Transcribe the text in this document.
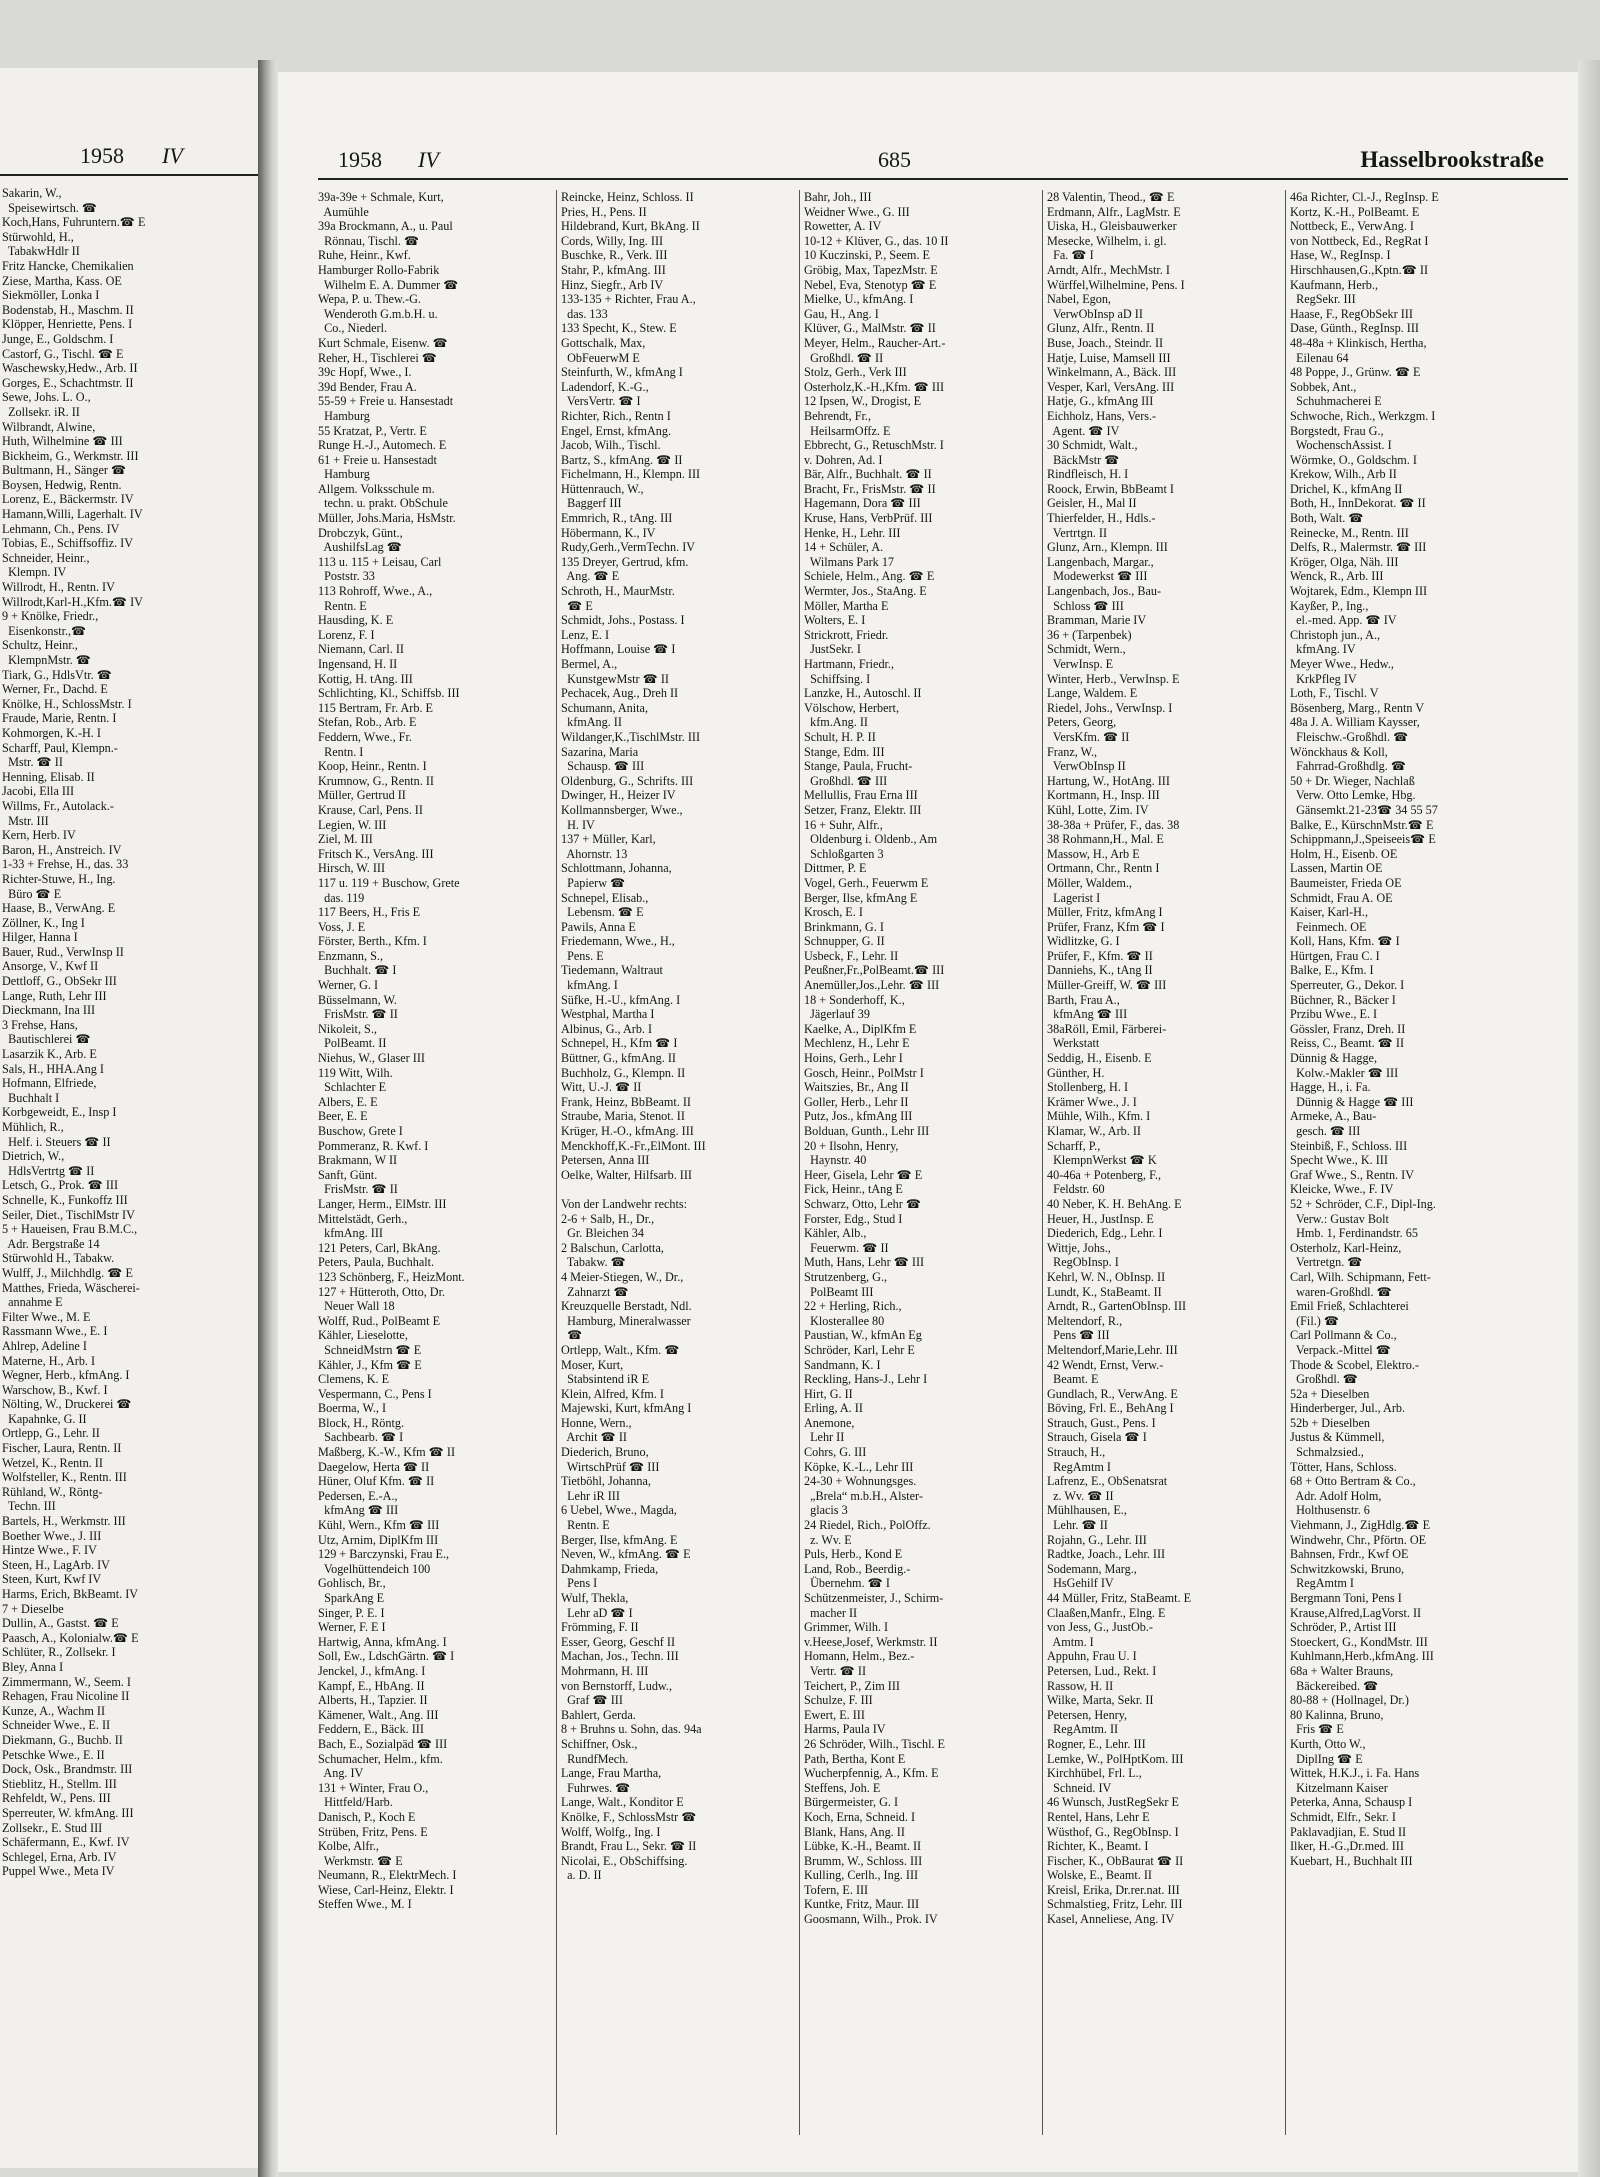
1958 IV
Sakarin, W.,
Speisewirtsch. ☎
Koch,Hans, Fuhruntern.☎ E
Stürwohld, H.,
TabakwHdlr II
Fritz Hancke, Chemikalien
Ziese, Martha, Kass. OE
Siekmöller, Lonka I
Bodenstab, H., Maschm. II
Klöpper, Henriette, Pens. I
Junge, E., Goldschm. I
Castorf, G., Tischl. ☎ E
Waschewsky,Hedw., Arb. II
Gorges, E., Schachtmstr. II
Sewe, Johs. L. O.,
Zollsekr. iR. II
Wilbrandt, Alwine,
Huth, Wilhelmine ☎ III
Bickheim, G., Werkmstr. III
Bultmann, H., Sänger ☎
Boysen, Hedwig, Rentn.
Lorenz, E., Bäckermstr. IV
Hamann,Willi, Lagerhalt. IV
Lehmann, Ch., Pens. IV
Tobias, E., Schiffsoffiz. IV
Schneider, Heinr.,
Klempn. IV
Willrodt, H., Rentn. IV
Willrodt,Karl-H.,Kfm.☎ IV
9 + Knölke, Friedr.,
Eisenkonstr.,☎
Schultz, Heinr.,
KlempnMstr. ☎
Tiark, G., HdlsVtr. ☎
Werner, Fr., Dachd. E
Knölke, H., SchlossMstr. I
Fraude, Marie, Rentn. I
Kohmorgen, K.-H. I
Scharff, Paul, Klempn.-
Mstr. ☎ II
Henning, Elisab. II
Jacobi, Ella III
Willms, Fr., Autolack.-
Mstr. III
Kern, Herb. IV
Baron, H., Anstreich. IV
1-33 + Frehse, H., das. 33
Richter-Stuwe, H., Ing.
Büro ☎ E
Haase, B., VerwAng. E
Zöllner, K., Ing I
Hilger, Hanna I
Bauer, Rud., VerwInsp II
Ansorge, V., Kwf II
Dettloff, G., ObSekr III
Lange, Ruth, Lehr III
Dieckmann, Ina III
3 Frehse, Hans,
Bautischlerei ☎
Lasarzik K., Arb. E
Sals, H., HHA.Ang I
Hofmann, Elfriede,
Buchhalt I
Korbgeweidt, E., Insp I
Mühlich, R.,
Helf. i. Steuers ☎ II
Dietrich, W.,
HdlsVertrtg ☎ II
Letsch, G., Prok. ☎ III
Schnelle, K., Funkoffz III
Seiler, Diet., TischlMstr IV
5 + Haueisen, Frau B.M.C.,
Adr. Bergstraße 14
Stürwohld H., Tabakw.
Wulff, J., Milchhdlg. ☎ E
Matthes, Frieda, Wäscherei-
annahme E
Filter Wwe., M. E
Rassmann Wwe., E. I
Ahlrep, Adeline I
Materne, H., Arb. I
Wegner, Herb., kfmAng. I
Warschow, B., Kwf. I
Nölting, W., Druckerei ☎
Kapahnke, G. II
Ortlepp, G., Lehr. II
Fischer, Laura, Rentn. II
Wetzel, K., Rentn. II
Wolfsteller, K., Rentn. III
Rühland, W., Röntg-
Techn. III
Bartels, H., Werkmstr. III
Boether Wwe., J. III
Hintze Wwe., F. IV
Steen, H., LagArb. IV
Steen, Kurt, Kwf IV
Harms, Erich, BkBeamt. IV
7 + Dieselbe
Dullin, A., Gastst. ☎ E
Paasch, A., Kolonialw.☎ E
Schlüter, R., Zollsekr. I
Bley, Anna I
Zimmermann, W., Seem. I
Rehagen, Frau Nicoline II
Kunze, A., Wachm II
Schneider Wwe., E. II
Diekmann, G., Buchb. II
Petschke Wwe., E. II
Dock, Osk., Brandmstr. III
Stieblitz, H., Stellm. III
Rehfeldt, W., Pens. III
Sperreuter, W. kfmAng. III
Zollsekr., E. Stud III
Schäfermann, E., Kwf. IV
Schlegel, Erna, Arb. IV
Puppel Wwe., Meta IV
1958 IV	685	Hasselbrookstraße
39a-39e + Schmale, Kurt,
Aumühle
39a Brockmann, A., u. Paul
Rönnau, Tischl. ☎
Ruhe, Heinr., Kwf.
Hamburger Rollo-Fabrik
Wilhelm E. A. Dummer ☎
Wepa, P. u. Thew.-G.
Wenderoth G.m.b.H. u.
Co., Niederl.
Kurt Schmale, Eisenw. ☎
Reher, H., Tischlerei ☎
39c Hopf, Wwe., I.
39d Bender, Frau A.
55-59 + Freie u. Hansestadt
Hamburg
55 Kratzat, P., Vertr. E
Runge H.-J., Automech. E
61 + Freie u. Hansestadt
Hamburg
Allgem. Volksschule m.
techn. u. prakt. ObSchule
Müller, Johs.Maria, HsMstr.
Drobczyk, Günt.,
AushilfsLag ☎
113 u. 115 + Leisau, Carl
Poststr. 33
113 Rohroff, Wwe., A.,
Rentn. E
Hausding, K. E
Lorenz, F. I
Niemann, Carl. II
Ingensand, H. II
Kottig, H. tAng. III
Schlichting, Kl., Schiffsb. III
115 Bertram, Fr. Arb. E
Stefan, Rob., Arb. E
Feddern, Wwe., Fr.
Rentn. I
Koop, Heinr., Rentn. I
Krumnow, G., Rentn. II
Müller, Gertrud II
Krause, Carl, Pens. II
Legien, W. III
Ziel, M. III
Fritsch K., VersAng. III
Hirsch, W. III
117 u. 119 + Buschow, Grete
das. 119
117 Beers, H., Fris E
Voss, J. E
Förster, Berth., Kfm. I
Enzmann, S.,
Buchhalt. ☎ I
Werner, G. I
Büsselmann, W.
FrisMstr. ☎ II
Nikoleit, S.,
PolBeamt. II
Niehus, W., Glaser III
119 Witt, Wilh.
Schlachter E
Albers, E. E
Beer, E. E
Buschow, Grete I
Pommeranz, R. Kwf. I
Brakmann, W II
Sanft, Günt.
FrisMstr. ☎ II
Langer, Herm., ElMstr. III
Mittelstädt, Gerh.,
kfmAng. III
121 Peters, Carl, BkAng.
Peters, Paula, Buchhalt.
123 Schönberg, F., HeizMont.
127 + Hütteroth, Otto, Dr.
Neuer Wall 18
Wolff, Rud., PolBeamt E
Kähler, Lieselotte,
SchneidMstrn ☎ E
Kähler, J., Kfm ☎ E
Clemens, K. E
Vespermann, C., Pens I
Boerma, W., I
Block, H., Röntg.
Sachbearb. ☎ I
Maßberg, K.-W., Kfm ☎ II
Daegelow, Herta ☎ II
Hüner, Oluf Kfm. ☎ II
Pedersen, E.-A.,
kfmAng ☎ III
Kühl, Wern., Kfm ☎ III
Utz, Arnim, DiplKfm III
129 + Barczynski, Frau E.,
Vogelhüttendeich 100
Gohlisch, Br.,
SparkAng E
Singer, P. E. I
Werner, F. E I
Hartwig, Anna, kfmAng. I
Soll, Ew., LdschGärtn. ☎ I
Jenckel, J., kfmAng. I
Kampf, E., HbAng. II
Alberts, H., Tapzier. II
Kämener, Walt., Ang. III
Feddern, E., Bäck. III
Bach, E., Sozialpäd ☎ III
Schumacher, Helm., kfm.
Ang. IV
131 + Winter, Frau O.,
Hittfeld/Harb.
Danisch, P., Koch E
Strüben, Fritz, Pens. E
Kolbe, Alfr.,
Werkmstr. ☎ E
Neumann, R., ElektrMech. I
Wiese, Carl-Heinz, Elektr. I
Steffen Wwe., M. I
Reincke, Heinz, Schloss. II
Pries, H., Pens. II
Hildebrand, Kurt, BkAng. II
Cords, Willy, Ing. III
Buschke, R., Verk. III
Stahr, P., kfmAng. III
Hinz, Siegfr., Arb IV
133-135 + Richter, Frau A.,
das. 133
133 Specht, K., Stew. E
Gottschalk, Max,
ObFeuerwM E
Steinfurth, W., kfmAng I
Ladendorf, K.-G.,
VersVertr. ☎ I
Richter, Rich., Rentn I
Engel, Ernst, kfmAng.
Jacob, Wilh., Tischl.
Bartz, S., kfmAng. ☎ II
Fichelmann, H., Klempn. III
Hüttenrauch, W.,
Baggerf III
Emmrich, R., tAng. III
Höbermann, K., IV
Rudy,Gerh.,VermTechn. IV
135 Dreyer, Gertrud, kfm.
Ang. ☎ E
Schroth, H., MaurMstr.
☎ E
Schmidt, Johs., Postass. I
Lenz, E. I
Hoffmann, Louise ☎ I
Bermel, A.,
KunstgewMstr ☎ II
Pechacek, Aug., Dreh II
Schumann, Anita,
kfmAng. II
Wildanger,K.,TischlMstr. III
Sazarina, Maria
Schausp. ☎ III
Oldenburg, G., Schrifts. III
Dwinger, H., Heizer IV
Kollmannsberger, Wwe.,
H. IV
137 + Müller, Karl,
Ahornstr. 13
Schlottmann, Johanna,
Papierw ☎
Schnepel, Elisab.,
Lebensm. ☎ E
Pawils, Anna E
Friedemann, Wwe., H.,
Pens. E
Tiedemann, Waltraut
kfmAng. I
Süfke, H.-U., kfmAng. I
Westphal, Martha I
Albinus, G., Arb. I
Schnepel, H., Kfm ☎ I
Büttner, G., kfmAng. II
Buchholz, G., Klempn. II
Witt, U.-J. ☎ II
Frank, Heinz, BbBeamt. II
Straube, Maria, Stenot. II
Krüger, H.-O., kfmAng. III
Menckhoff,K.-Fr.,ElMont. III
Petersen, Anna III
Oelke, Walter, Hilfsarb. III

Von der Landwehr rechts:
2-6 + Salb, H., Dr.,
Gr. Bleichen 34
2 Balschun, Carlotta,
Tabakw. ☎
4 Meier-Stiegen, W., Dr.,
Zahnarzt ☎
Kreuzquelle Berstadt, Ndl.
Hamburg, Mineralwasser
☎
Ortlepp, Walt., Kfm. ☎
Moser, Kurt,
Stabsintend iR E
Klein, Alfred, Kfm. I
Majewski, Kurt, kfmAng I
Honne, Wern.,
Archit ☎ II
Diederich, Bruno,
WirtschPrüf ☎ III
Tietböhl, Johanna,
Lehr iR III
6 Uebel, Wwe., Magda,
Rentn. E
Berger, Ilse, kfmAng. E
Neven, W., kfmAng. ☎ E
Dahmkamp, Frieda,
Pens I
Wulf, Thekla,
Lehr aD ☎ I
Frömming, F. II
Esser, Georg, Geschf II
Machan, Jos., Techn. III
Mohrmann, H. III
von Bernstorff, Ludw.,
Graf ☎ III
Bahlert, Gerda.
8 + Bruhns u. Sohn, das. 94a
Schiffner, Osk.,
RundfMech.
Lange, Frau Martha,
Fuhrwes. ☎
Lange, Walt., Konditor E
Knölke, F., SchlossMstr ☎
Wolff, Wolfg., Ing. I
Brandt, Frau L., Sekr. ☎ II
Nicolai, E., ObSchiffsing.
a. D. II
Bahr, Joh., III
Weidner Wwe., G. III
Rowetter, A. IV
10-12 + Klüver, G., das. 10 II
10 Kuczinski, P., Seem. E
Gröbig, Max, TapezMstr. E
Nebel, Eva, Stenotyp ☎ E
Mielke, U., kfmAng. I
Gau, H., Ang. I
Klüver, G., MalMstr. ☎ II
Meyer, Helm., Raucher-Art.-
Großhdl. ☎ II
Stolz, Gerh., Verk III
Osterholz,K.-H.,Kfm. ☎ III
12 Ipsen, W., Drogist, E
Behrendt, Fr.,
HeilsarmOffz. E
Ebbrecht, G., RetuschMstr. I
v. Dohren, Ad. I
Bär, Alfr., Buchhalt. ☎ II
Bracht, Fr., FrisMstr. ☎ II
Hagemann, Dora ☎ III
Kruse, Hans, VerbPrüf. III
Henke, H., Lehr. III
14 + Schüler, A.
Wilmans Park 17
Schiele, Helm., Ang. ☎ E
Wermter, Jos., StaAng. E
Möller, Martha E
Wolters, E. I
Strickrott, Friedr.
JustSekr. I
Hartmann, Friedr.,
Schiffsing. I
Lanzke, H., Autoschl. II
Völschow, Herbert,
kfm.Ang. II
Schult, H. P. II
Stange, Edm. III
Stange, Paula, Frucht-
Großhdl. ☎ III
Mellullis, Frau Erna III
Setzer, Franz, Elektr. III
16 + Suhr, Alfr.,
Oldenburg i. Oldenb., Am
Schloßgarten 3
Dittmer, P. E
Vogel, Gerh., Feuerwm E
Berger, Ilse, kfmAng E
Krosch, E. I
Brinkmann, G. I
Schnupper, G. II
Usbeck, F., Lehr. II
Peußner,Fr.,PolBeamt.☎ III
Anemüller,Jos.,Lehr. ☎ III
18 + Sonderhoff, K.,
Jägerlauf 39
Kaelke, A., DiplKfm E
Mechlenz, H., Lehr E
Hoins, Gerh., Lehr I
Gosch, Heinr., PolMstr I
Waitszies, Br., Ang II
Goller, Herb., Lehr II
Putz, Jos., kfmAng III
Bolduan, Gunth., Lehr III
20 + Ilsohn, Henry,
Haynstr. 40
Heer, Gisela, Lehr ☎ E
Fick, Heinr., tAng E
Schwarz, Otto, Lehr ☎
Forster, Edg., Stud I
Kähler, Alb.,
Feuerwm. ☎ II
Muth, Hans, Lehr ☎ III
Strutzenberg, G.,
PolBeamt III
22 + Herling, Rich.,
Klosterallee 80
Paustian, W., kfmAn Eg
Schröder, Karl, Lehr E
Sandmann, K. I
Reckling, Hans-J., Lehr I
Hirt, G. II
Erling, A. II
Anemone,
Lehr II
Cohrs, G. III
Köpke, K.-L., Lehr III
24-30 + Wohnungsges.
„Brela“ m.b.H., Alster-
glacis 3
24 Riedel, Rich., PolOffz.
z. Wv. E
Puls, Herb., Kond E
Land, Rob., Beerdig.-
Übernehm. ☎ I
Schützenmeister, J., Schirm-
macher II
Grimmer, Wilh. I
v.Heese,Josef, Werkmstr. II
Homann, Helm., Bez.-
Vertr. ☎ II
Teichert, P., Zim III
Schulze, F. III
Ewert, E. III
Harms, Paula IV
26 Schröder, Wilh., Tischl. E
Path, Bertha, Kont E
Wucherpfennig, A., Kfm. E
Steffens, Joh. E
Bürgermeister, G. I
Koch, Erna, Schneid. I
Blank, Hans, Ang. II
Lübke, K.-H., Beamt. II
Brumm, W., Schloss. III
Kulling, Cerlh., Ing. III
Tofern, E. III
Kuntke, Fritz, Maur. III
Goosmann, Wilh., Prok. IV
28 Valentin, Theod., ☎ E
Erdmann, Alfr., LagMstr. E
Uiska, H., Gleisbauwerker
Mesecke, Wilhelm, i. gl.
Fa. ☎ I
Arndt, Alfr., MechMstr. I
Würffel,Wilhelmine, Pens. I
Nabel, Egon,
VerwObInsp aD II
Glunz, Alfr., Rentn. II
Buse, Joach., Steindr. II
Hatje, Luise, Mamsell III
Winkelmann, A., Bäck. III
Vesper, Karl, VersAng. III
Hatje, G., kfmAng III
Eichholz, Hans, Vers.-
Agent. ☎ IV
30 Schmidt, Walt.,
BäckMstr ☎
Rindfleisch, H. I
Roock, Erwin, BbBeamt I
Geisler, H., Mal II
Thierfelder, H., Hdls.-
Vertrtgn. II
Glunz, Arn., Klempn. III
Langenbach, Margar.,
Modewerkst ☎ III
Langenbach, Jos., Bau-
Schloss ☎ III
Bramman, Marie IV
36 + (Tarpenbek)
Schmidt, Wern.,
VerwInsp. E
Winter, Herb., VerwInsp. E
Lange, Waldem. E
Riedel, Johs., VerwInsp. I
Peters, Georg,
VersKfm. ☎ II
Franz, W.,
VerwObInsp II
Hartung, W., HotAng. III
Kortmann, H., Insp. III
Kühl, Lotte, Zim. IV
38-38a + Prüfer, F., das. 38
38 Rohmann,H., Mal. E
Massow, H., Arb E
Ortmann, Chr., Rentn I
Möller, Waldem.,
Lagerist I
Müller, Fritz, kfmAng I
Prüfer, Franz, Kfm ☎ I
Widlitzke, G. I
Prüfer, F., Kfm. ☎ II
Danniehs, K., tAng II
Müller-Greiff, W. ☎ III
Barth, Frau A.,
kfmAng ☎ III
38aRöll, Emil, Färberei-
Werkstatt
Seddig, H., Eisenb. E
Günther, H.
Stollenberg, H. I
Krämer Wwe., J. I
Mühle, Wilh., Kfm. I
Klamar, W., Arb. II
Scharff, P.,
KlempnWerkst ☎ K
40-46a + Potenberg, F.,
Feldstr. 60
40 Neber, K. H. BehAng. E
Heuer, H., JustInsp. E
Diederich, Edg., Lehr. I
Wittje, Johs.,
RegObInsp. I
Kehrl, W. N., ObInsp. II
Lundt, K., StaBeamt. II
Arndt, R., GartenObInsp. III
Meltendorf, R.,
Pens ☎ III
Meltendorf,Marie,Lehr. III
42 Wendt, Ernst, Verw.-
Beamt. E
Gundlach, R., VerwAng. E
Böving, Frl. E., BehAng I
Strauch, Gust., Pens. I
Strauch, Gisela ☎ I
Strauch, H.,
RegAmtm I
Lafrenz, E., ObSenatsrat
z. Wv. ☎ II
Mühlhausen, E.,
Lehr. ☎ II
Rojahn, G., Lehr. III
Radtke, Joach., Lehr. III
Sodemann, Marg.,
HsGehilf IV
44 Müller, Fritz, StaBeamt. E
Claaßen,Manfr., Elng. E
von Jess, G., JustOb.-
Amtm. I
Appuhn, Frau U. I
Petersen, Lud., Rekt. I
Rassow, H. II
Wilke, Marta, Sekr. II
Petersen, Henry,
RegAmtm. II
Rogner, E., Lehr. III
Lemke, W., PolHptKom. III
Kirchhübel, Frl. L.,
Schneid. IV
46 Wunsch, JustRegSekr E
Rentel, Hans, Lehr E
Wüsthof, G., RegObInsp. I
Richter, K., Beamt. I
Fischer, K., ObBaurat ☎ II
Wolske, E., Beamt. II
Kreisl, Erika, Dr.rer.nat. III
Schmalstieg, Fritz, Lehr. III
Kasel, Anneliese, Ang. IV
46a Richter, Cl.-J., RegInsp. E
Kortz, K.-H., PolBeamt. E
Nottbeck, E., VerwAng. I
von Nottbeck, Ed., RegRat I
Hase, W., RegInsp. I
Hirschhausen,G.,Kptn.☎ II
Kaufmann, Herb.,
RegSekr. III
Haase, F., RegObSekr III
Dase, Günth., RegInsp. III
48-48a + Klinkisch, Hertha,
Eilenau 64
48 Poppe, J., Grünw. ☎ E
Sobbek, Ant.,
Schuhmacherei E
Schwoche, Rich., Werkzgm. I
Borgstedt, Frau G.,
WochenschAssist. I
Wörmke, O., Goldschm. I
Krekow, Wilh., Arb II
Drichel, K., kfmAng II
Both, H., InnDekorat. ☎ II
Both, Walt. ☎
Reinecke, M., Rentn. III
Delfs, R., Malermstr. ☎ III
Kröger, Olga, Näh. III
Wenck, R., Arb. III
Wojtarek, Edm., Klempn III
Kayßer, P., Ing.,
el.-med. App. ☎ IV
Christoph jun., A.,
kfmAng. IV
Meyer Wwe., Hedw.,
KrkPfleg IV
Loth, F., Tischl. V
Bösenberg, Marg., Rentn V
48a J. A. William Kaysser,
Fleischw.-Großhdl. ☎
Wönckhaus & Koll,
Fahrrad-Großhdlg. ☎
50 + Dr. Wieger, Nachlaß
Verw. Otto Lemke, Hbg.
Gänsemkt.21-23☎ 34 55 57
Balke, E., KürschnMstr.☎ E
Schippmann,J.,Speiseeis☎ E
Holm, H., Eisenb. OE
Lassen, Martin OE
Baumeister, Frieda OE
Schmidt, Frau A. OE
Kaiser, Karl-H.,
Feinmech. OE
Koll, Hans, Kfm. ☎ I
Hürtgen, Frau C. I
Balke, E., Kfm. I
Sperreuter, G., Dekor. I
Büchner, R., Bäcker I
Przibu Wwe., E. I
Gössler, Franz, Dreh. II
Reiss, C., Beamt. ☎ II
Dünnig & Hagge,
Kolw.-Makler ☎ III
Hagge, H., i. Fa.
Dünnig & Hagge ☎ III
Armeke, A., Bau-
gesch. ☎ III
Steinbiß, F., Schloss. III
Specht Wwe., K. III
Graf Wwe., S., Rentn. IV
Kleicke, Wwe., F. IV
52 + Schröder, C.F., Dipl-Ing.
Verw.: Gustav Bolt
Hmb. 1, Ferdinandstr. 65
Osterholz, Karl-Heinz,
Vertretgn. ☎
Carl, Wilh. Schipmann, Fett-
waren-Großhdl. ☎
Emil Frieß, Schlachterei
(Fil.) ☎
Carl Pollmann & Co.,
Verpack.-Mittel ☎
Thode & Scobel, Elektro.-
Großhdl. ☎
52a + Dieselben
Hinderberger, Jul., Arb.
52b + Dieselben
Justus & Kümmell,
Schmalzsied.,
Tötter, Hans, Schloss.
68 + Otto Bertram & Co.,
Adr. Adolf Holm,
Holthusenstr. 6
Viehmann, J., ZigHdlg.☎ E
Windwehr, Chr., Pförtn. OE
Bahnsen, Frdr., Kwf OE
Schwitzkowski, Bruno,
RegAmtm I
Bergmann Toni, Pens I
Krause,Alfred,LagVorst. II
Schröder, P., Artist III
Stoeckert, G., KondMstr. III
Kuhlmann,Herb.,kfmAng. III
68a + Walter Brauns,
Bäckereibed. ☎
80-88 + (Hollnagel, Dr.)
80 Kalinna, Bruno,
Fris ☎ E
Kurth, Otto W.,
DiplIng ☎ E
Wittek, H.K.J., i. Fa. Hans
Kitzelmann Kaiser
Peterka, Anna, Schausp I
Schmidt, Elfr., Sekr. I
Paklavadjian, E. Stud II
Ilker, H.-G.,Dr.med. III
Kuebart, H., Buchhalt III
